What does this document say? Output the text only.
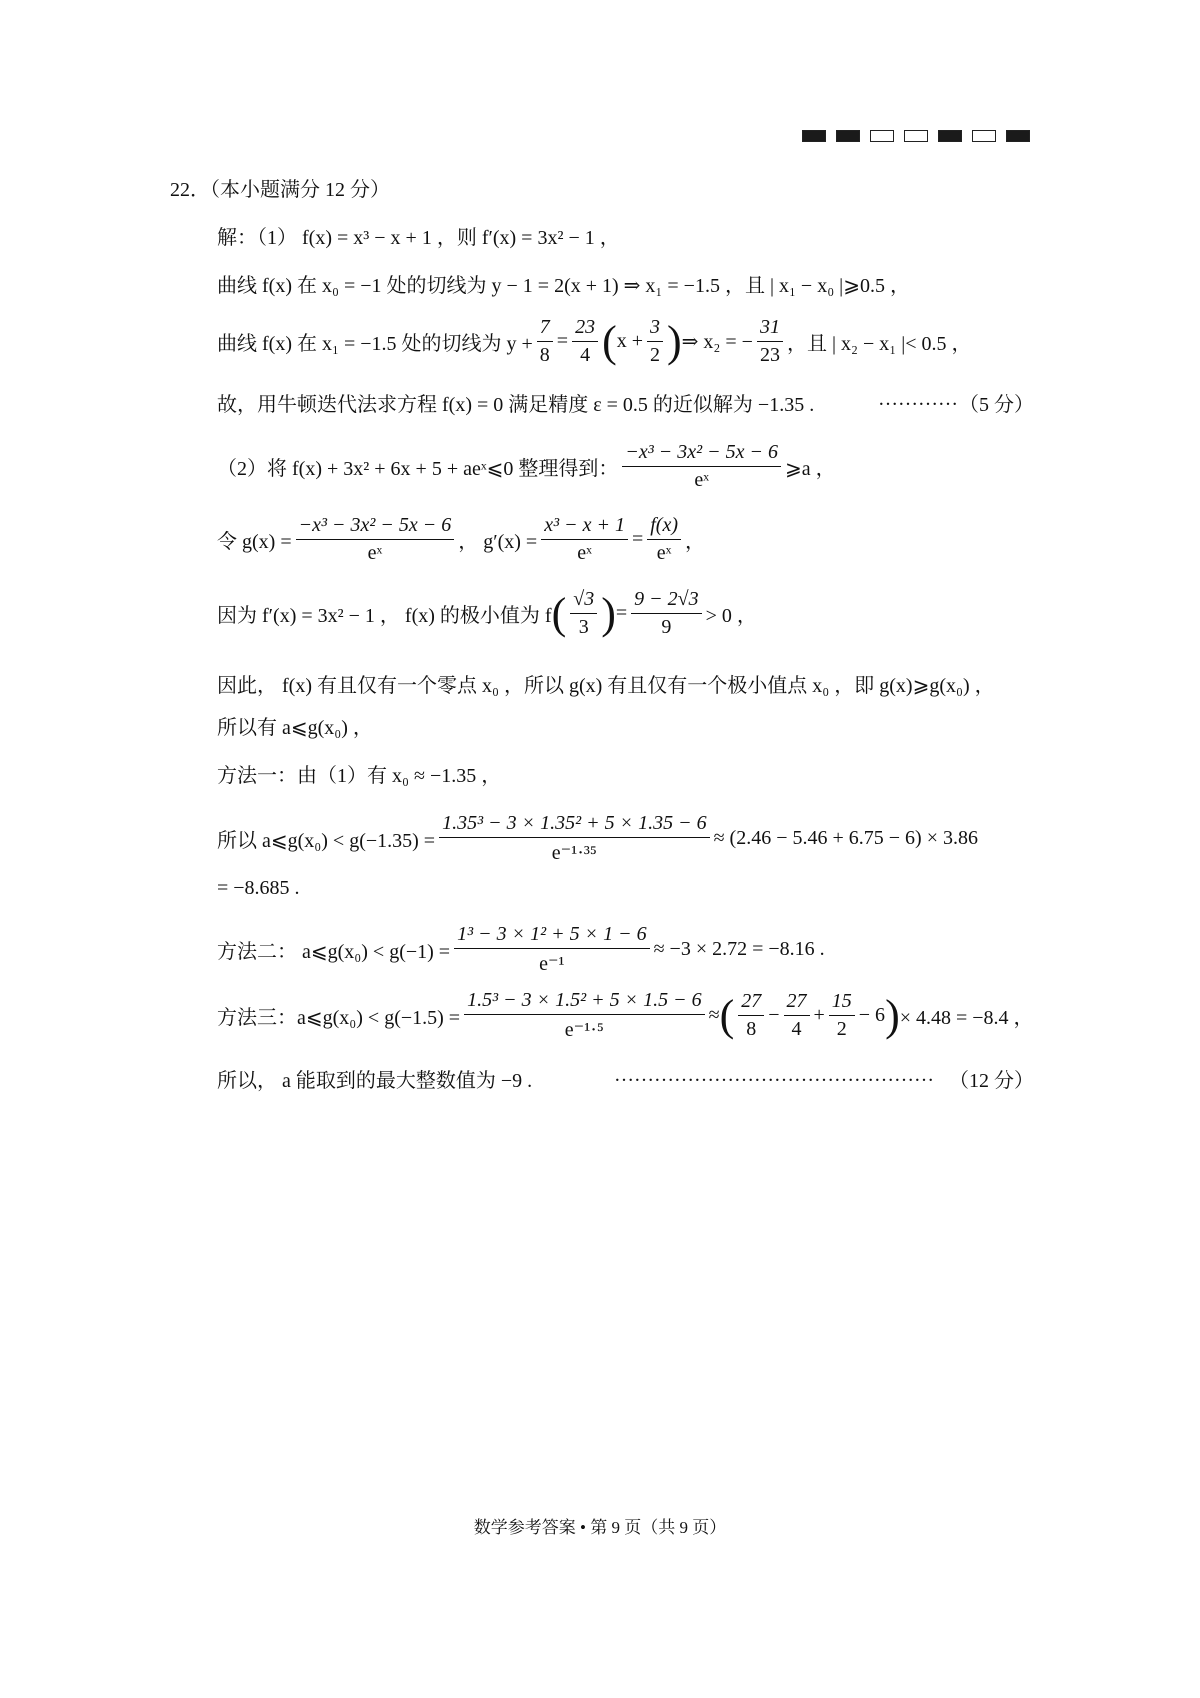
22．（本小题满分 12 分）
解：（1） f(x) = x³ − x + 1 ，则 f′(x) = 3x² − 1 ，
曲线 f(x) 在 x₀ = −1 处的切线为 y − 1 = 2(x + 1) ⇒ x₁ = −1.5 ，且 | x₁ − x₀ |⩾0.5 ，
曲线 f(x) 在 x₁ = −1.5 处的切线为 $y + \frac{7}{8} = \frac{23}{4}$ ( $x + \frac{3}{2}$ ) ⇒ x₂ = − $\frac{31}{23}$ ，且 | x₂ − x₁ |< 0.5 ，
故，用牛顿迭代法求方程 f(x) = 0 满足精度 ε = 0.5 的近似解为 −1.35 .	………… （5 分）
（2）将 f(x) + 3x² + 6x + 5 + aeˣ⩽0 整理得到： $\frac{\text{−x³ − 3x² − 5x − 6}}{\text{eˣ}}$ ⩾a ，
令 $g(x) = \frac{\text{−x³ − 3x² − 5x − 6}}{\text{eˣ}}$ ， $g'(x) = \frac{\text{x³ − x + 1}}{\text{eˣ}} = \frac{f(x)}{\text{eˣ}}$ ，
因为 f′(x) = 3x² − 1 ， f(x) 的极小值为 f ( $\frac{√3}{3}$ ) = $\frac{9 - 2√3}{9} > 0$ ，
因此， f(x) 有且仅有一个零点 x₀ ，所以 g(x) 有且仅有一个极小值点 x₀ ，即 g(x)⩾g(x₀) ，
所以有 a⩽g(x₀) ，
方法一：由（1）有 x₀ ≈ −1.35 ，
所以 a⩽g(x₀) < $g(-1.35) = \frac{\text{1.35³ − 3 × 1.35² + 5 × 1.35 − 6}}{\text{e⁻¹·³⁵}} \approx (2.46 - 5.46 + 6.75 - 6) \times 3.86$
= −8.685 .
方法二： a⩽g(x₀) < $g(-1) = \frac{\text{1³ − 3 × 1² + 5 × 1 − 6}}{\text{e⁻¹}} \approx -3 \times 2.72 = -8.16$ .
方法三：a⩽g(x₀) < $g(-1.5) = \frac{\text{1.5³ − 3 × 1.5² + 5 × 1.5 − 6}}{\text{e⁻¹·⁵}}$ ≈ ( $\frac{27}{8} - \frac{27}{4} + \frac{15}{2} - 6$ ) × 4.48 = −8.4 ，
所以， a 能取到的最大整数值为 −9 .	………………………………………… （12 分）
数学参考答案 • 第 9 页（共 9 页）
